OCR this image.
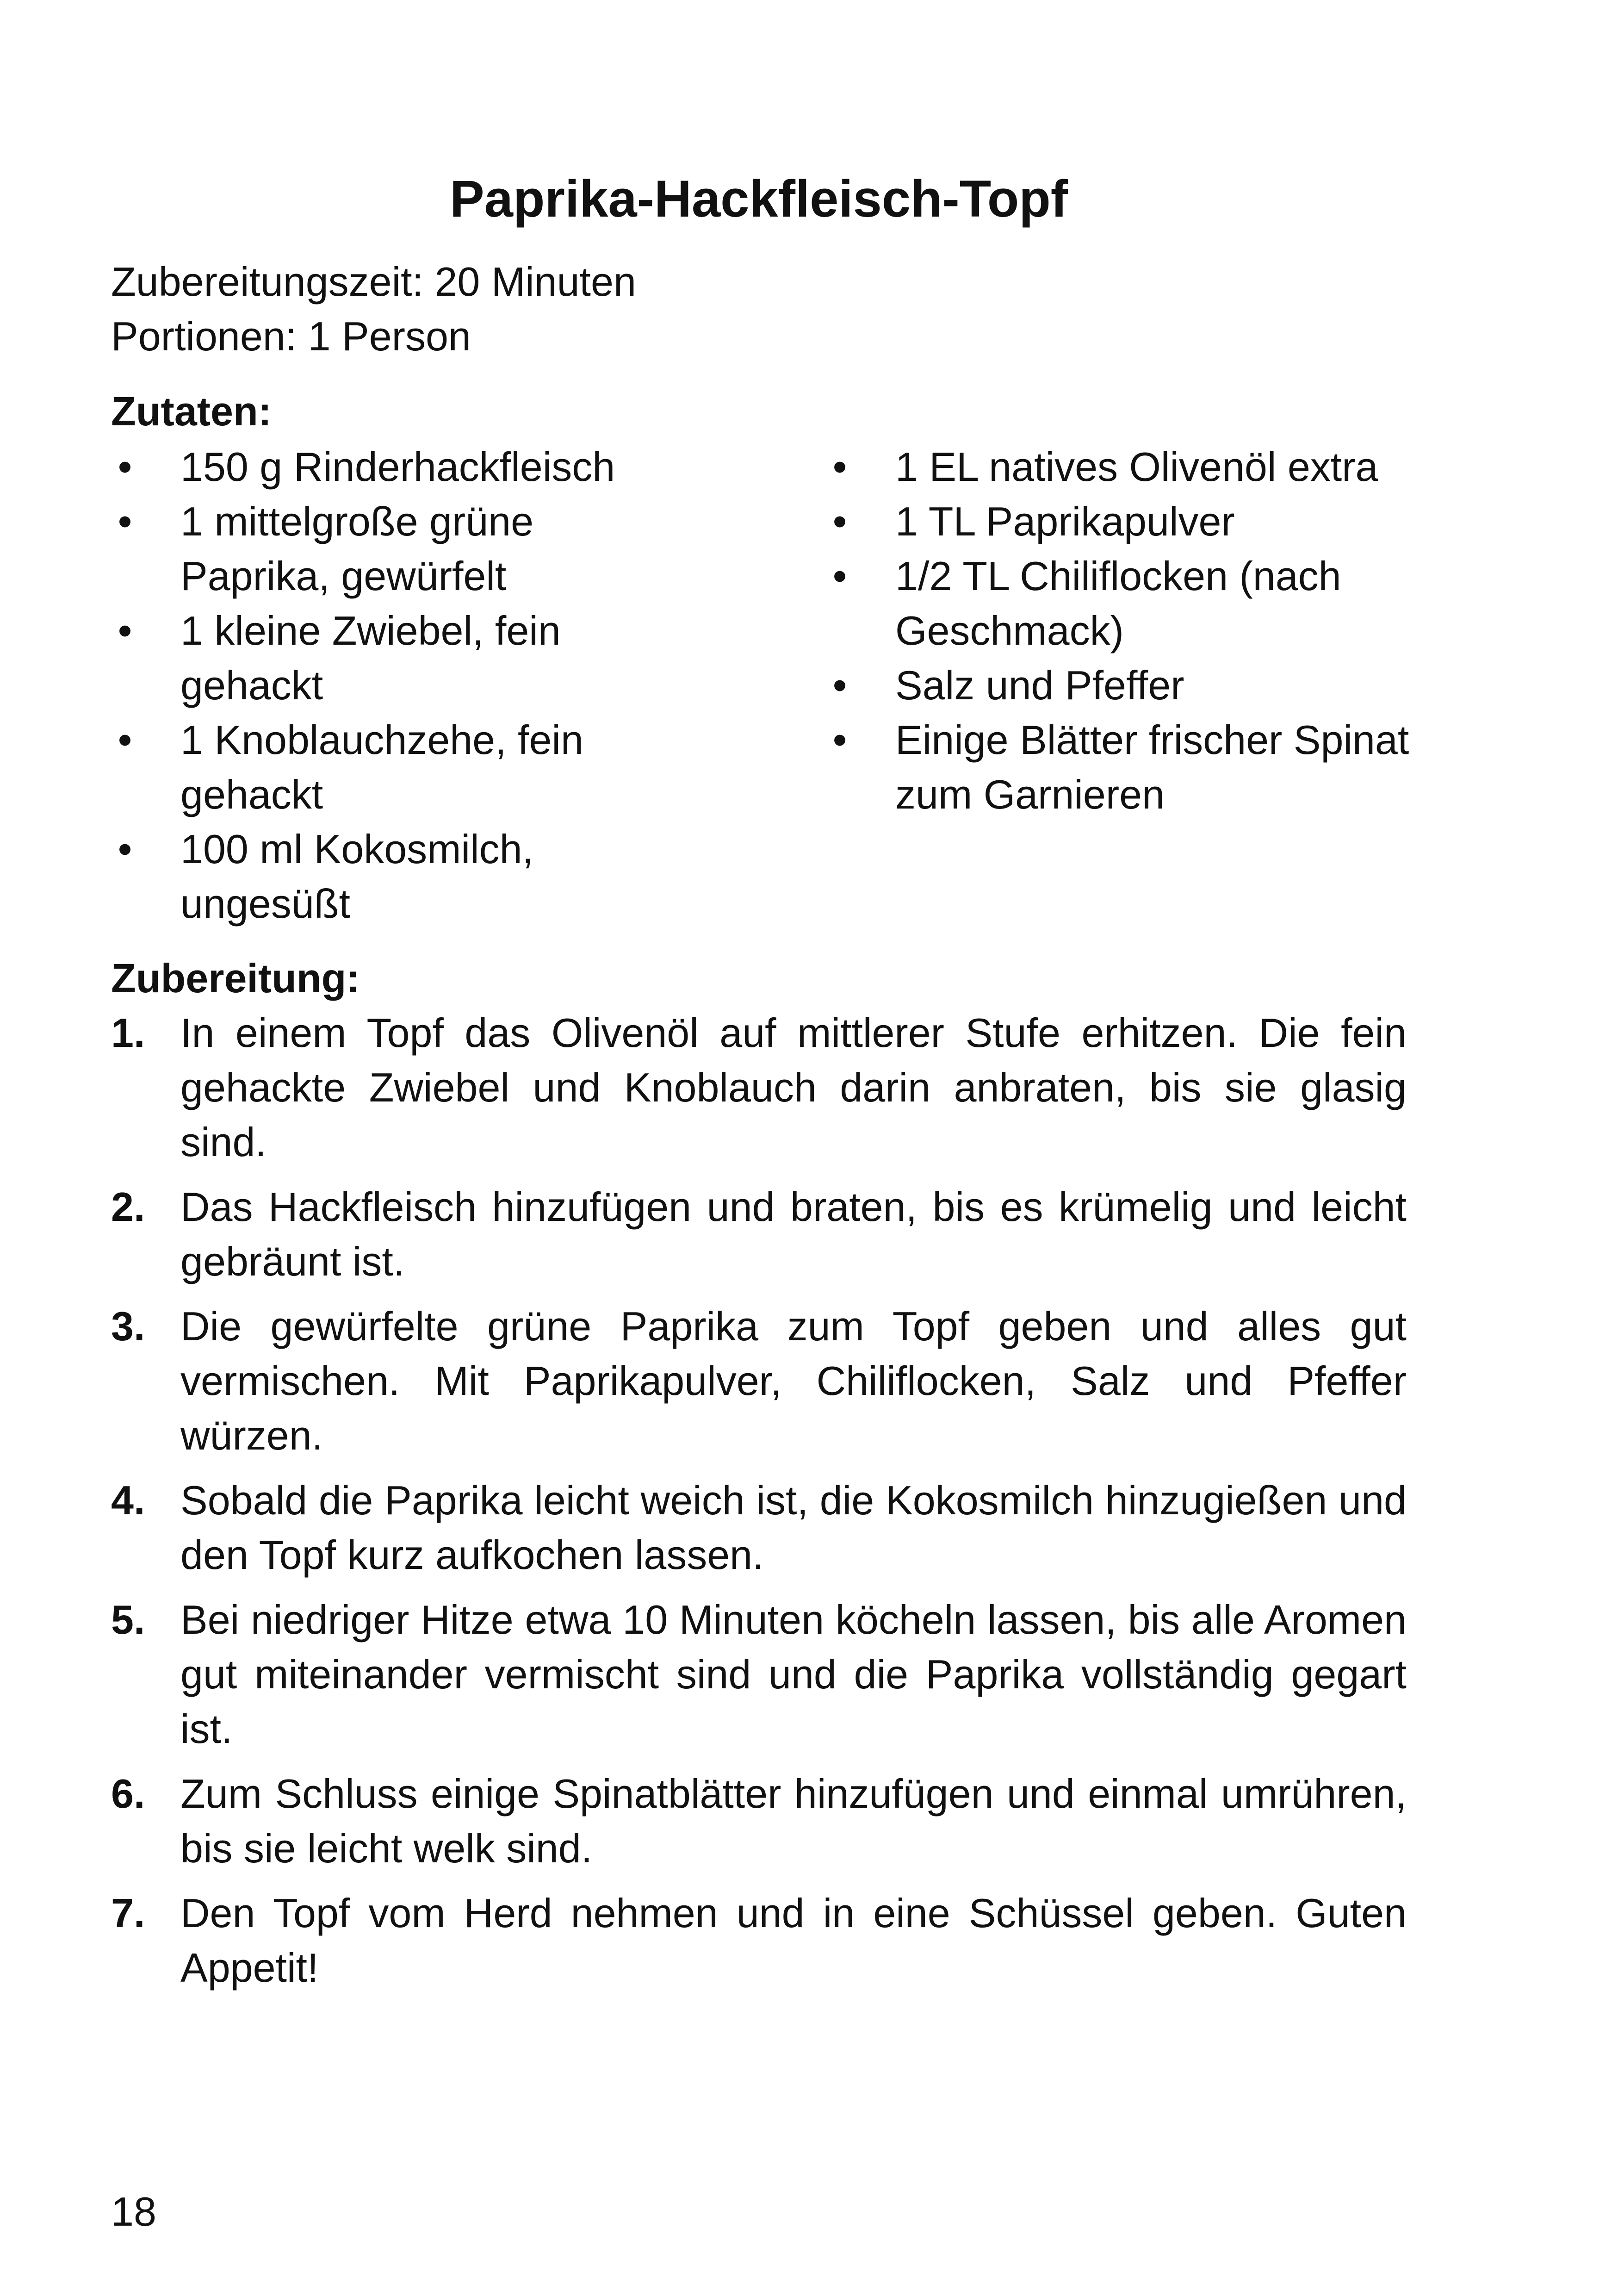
Paprika-Hackfleisch-Topf
Zubereitungszeit: 20 Minuten
Portionen: 1 Person
Zutaten:
• 150 g Rinderhackfleisch
• 1 mittelgroße grüne Paprika, gewürfelt
• 1 kleine Zwiebel, fein gehackt
• 1 Knoblauchzehe, fein gehackt
• 100 ml Kokosmilch, ungesüßt
• 1 EL natives Olivenöl extra
• 1 TL Paprikapulver
• 1/2 TL Chiliflocken (nach Geschmack)
• Salz und Pfeffer
• Einige Blätter frischer Spinat zum Garnieren
Zubereitung:
1. In einem Topf das Olivenöl auf mittlerer Stufe erhitzen. Die fein gehackte Zwiebel und Knoblauch darin anbraten, bis sie glasig sind.
2. Das Hackfleisch hinzufügen und braten, bis es krümelig und leicht gebräunt ist.
3. Die gewürfelte grüne Paprika zum Topf geben und alles gut vermischen. Mit Paprikapulver, Chiliflocken, Salz und Pfeffer würzen.
4. Sobald die Paprika leicht weich ist, die Kokosmilch hinzugießen und den Topf kurz aufkochen lassen.
5. Bei niedriger Hitze etwa 10 Minuten köcheln lassen, bis alle Aromen gut miteinander vermischt sind und die Paprika vollständig gegart ist.
6. Zum Schluss einige Spinatblätter hinzufügen und einmal umrühren, bis sie leicht welk sind.
7. Den Topf vom Herd nehmen und in eine Schüssel geben. Guten Appetit!
18
